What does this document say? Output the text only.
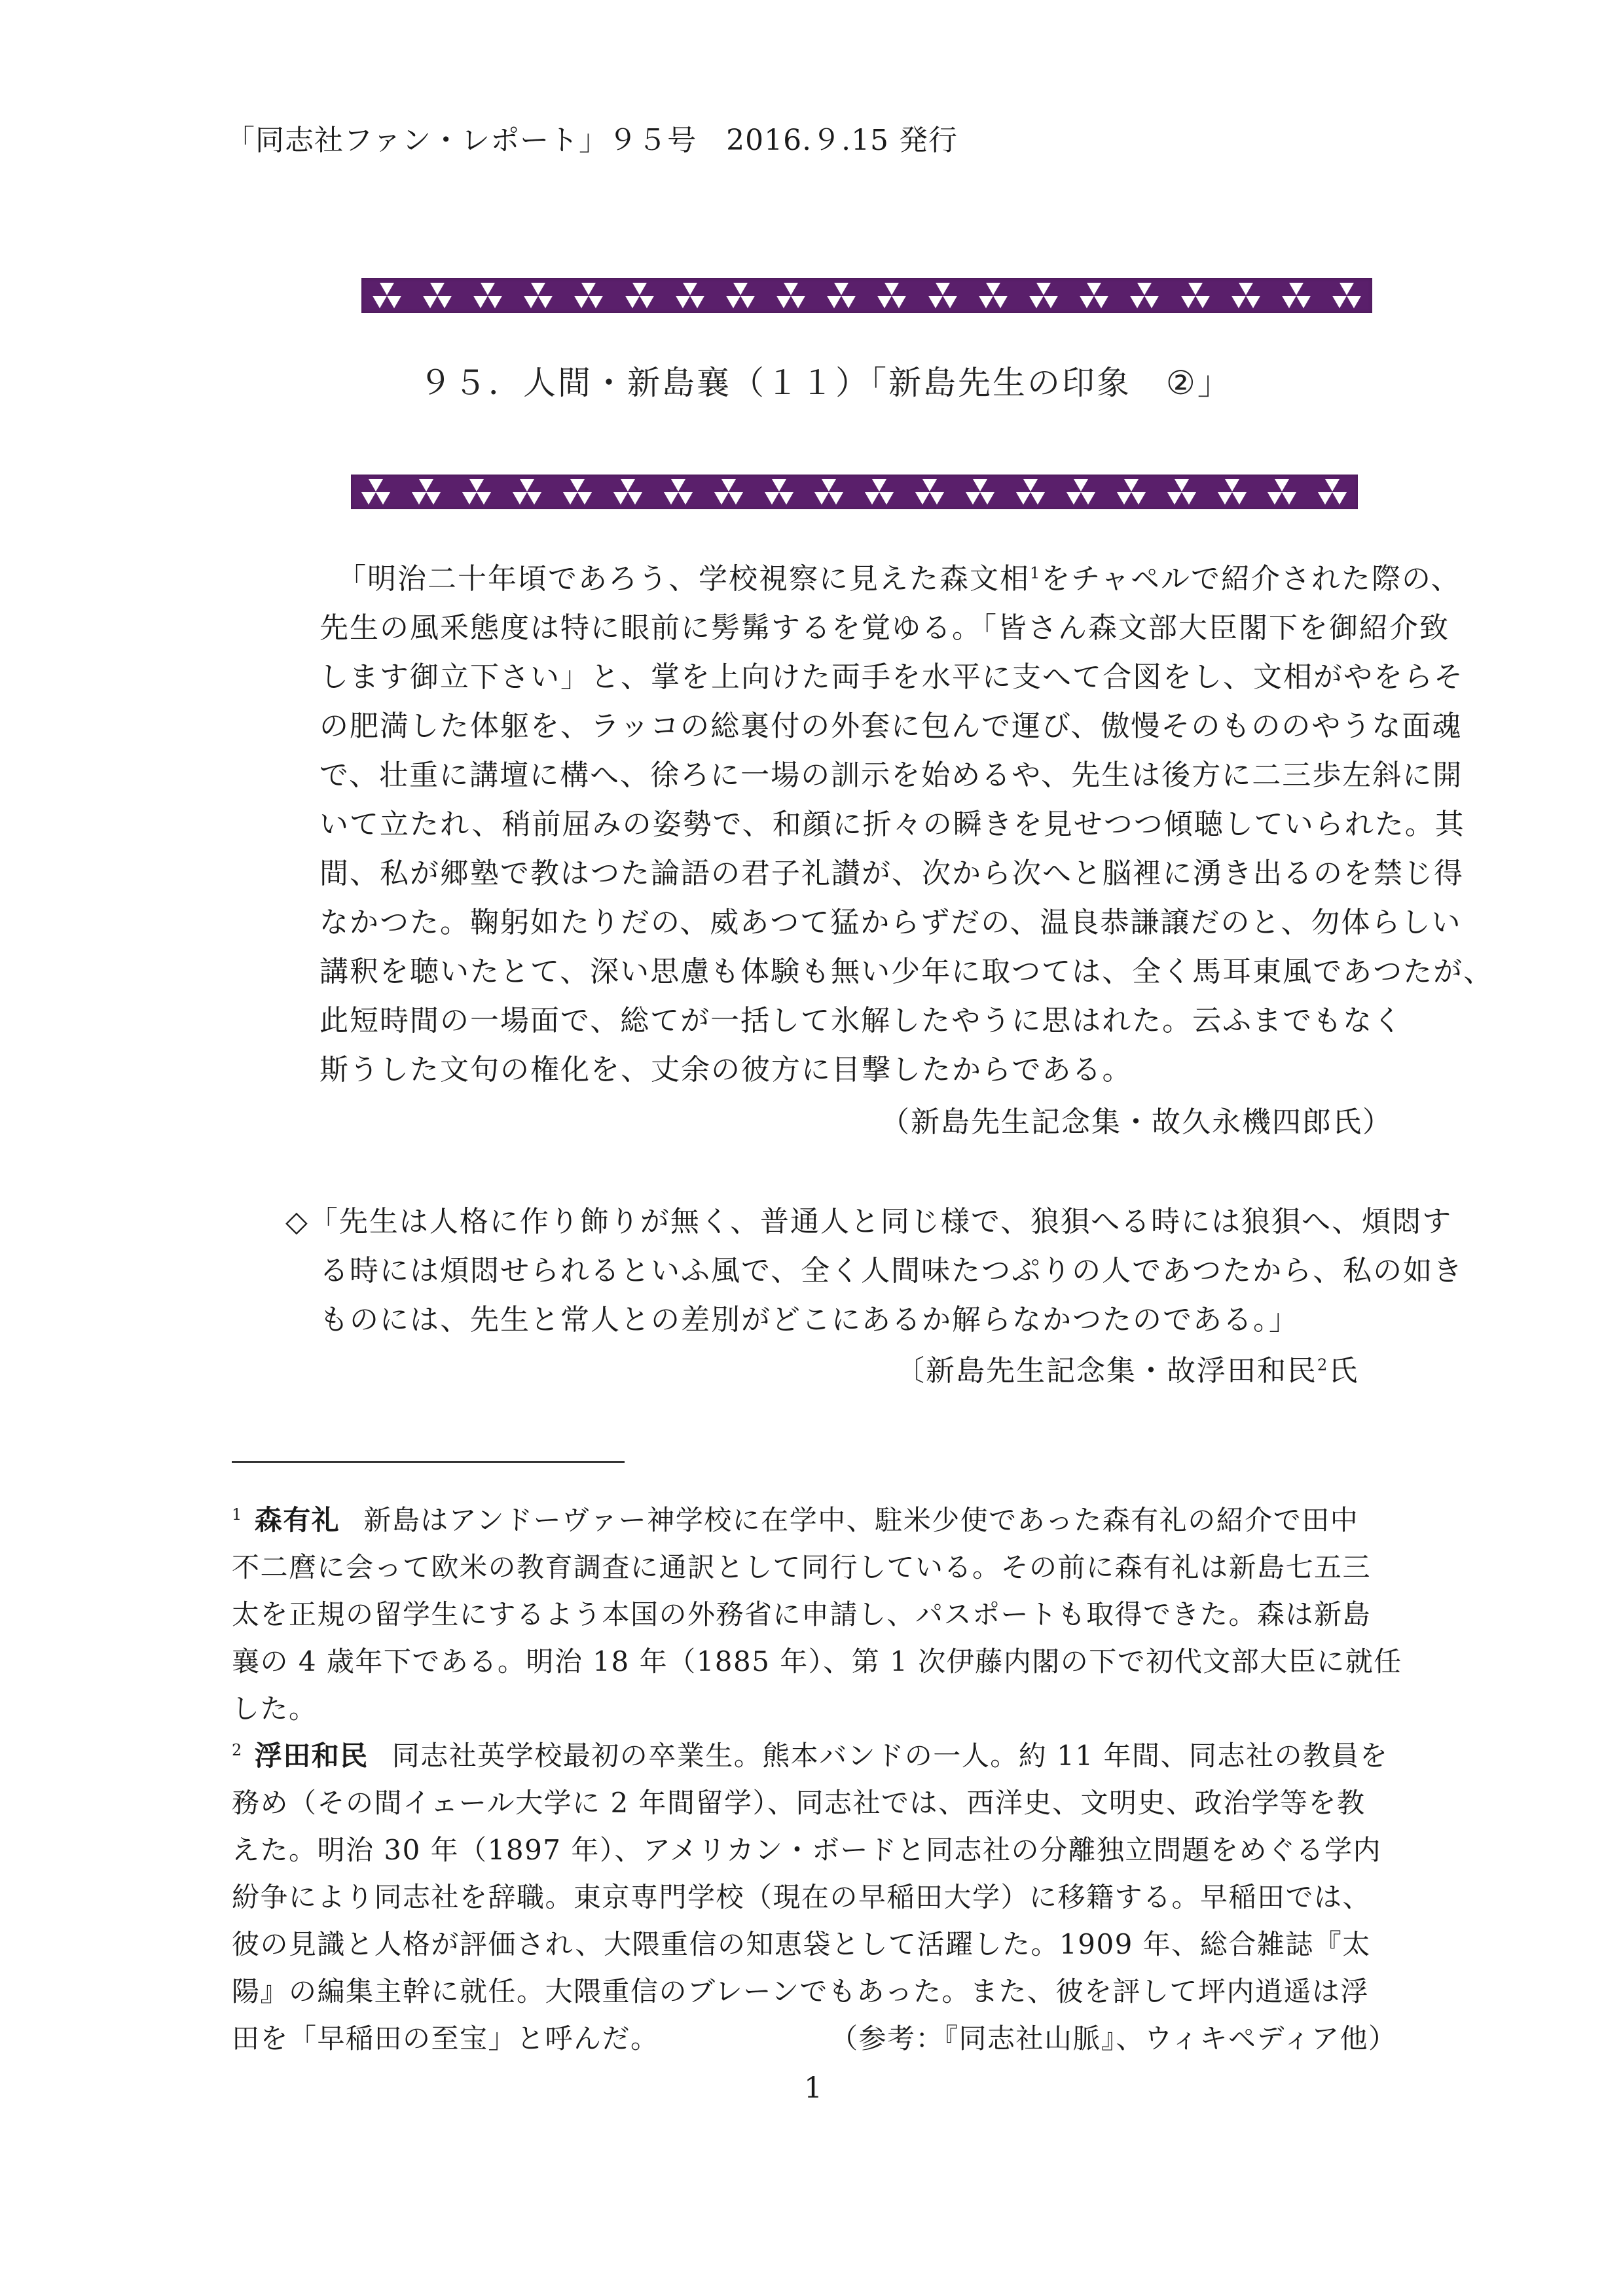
「同志社ファン・レポート」９５号　2016.９.15 発行
９５．人間・新島襄（１１）「新島先生の印象　②」
「明治二十年頃であろう、学校視察に見えた森文相$^1$をチャペルで紹介された際の、
先生の風釆態度は特に眼前に髣髴するを覚ゆる。「皆さん森文部大臣閣下を御紹介致
します御立下さい」と、掌を上向けた両手を水平に支へて合図をし、文相がやをらそ
の肥満した体躯を、ラッコの総裏付の外套に包んで運び、傲慢そのもののやうな面魂
で、壮重に講壇に構へ、徐ろに一場の訓示を始めるや、先生は後方に二三歩左斜に開
いて立たれ、稍前屈みの姿勢で、和顔に折々の瞬きを見せつつ傾聴していられた。其
間、私が郷塾で教はつた論語の君子礼讃が、次から次へと脳裡に湧き出るのを禁じ得
なかつた。鞠躬如たりだの、威あつて猛からずだの、温良恭謙譲だのと、勿体らしい
講釈を聴いたとて、深い思慮も体験も無い少年に取つては、全く馬耳東風であつたが、
此短時間の一場面で、総てが一括して氷解したやうに思はれた。云ふまでもなく
斯うした文句の権化を、丈余の彼方に目撃したからである。
（新島先生記念集・故久永機四郎氏）
◇「先生は人格に作り飾りが無く、普通人と同じ様で、狼狽へる時には狼狽へ、煩悶す
る時には煩悶せられるといふ風で、全く人間味たつぷりの人であつたから、私の如き
ものには、先生と常人との差別がどこにあるか解らなかつたのである。」
〔新島先生記念集・故浮田和民$^2$氏
$^1$ 森有礼 新島はアンドーヴァー神学校に在学中、駐米少使であった森有礼の紹介で田中
不二麿に会って欧米の教育調査に通訳として同行している。その前に森有礼は新島七五三
太を正規の留学生にするよう本国の外務省に申請し、パスポートも取得できた。森は新島
襄の 4 歳年下である。明治 18 年（1885 年）、第 1 次伊藤内閣の下で初代文部大臣に就任
した。
$^2$ 浮田和民 同志社英学校最初の卒業生。熊本バンドの一人。約 11 年間、同志社の教員を
務め（その間イェール大学に 2 年間留学）、同志社では、西洋史、文明史、政治学等を教
えた。明治 30 年（1897 年）、アメリカン・ボードと同志社の分離独立問題をめぐる学内
紛争により同志社を辞職。東京専門学校（現在の早稲田大学）に移籍する。早稲田では、
彼の見識と人格が評価され、大隈重信の知恵袋として活躍した。1909 年、総合雑誌『太
陽』の編集主幹に就任。大隈重信のブレーンでもあった。また、彼を評して坪内逍遥は浮
田を「早稲田の至宝」と呼んだ。	（参考：『同志社山脈』、ウィキペディア他）
1
